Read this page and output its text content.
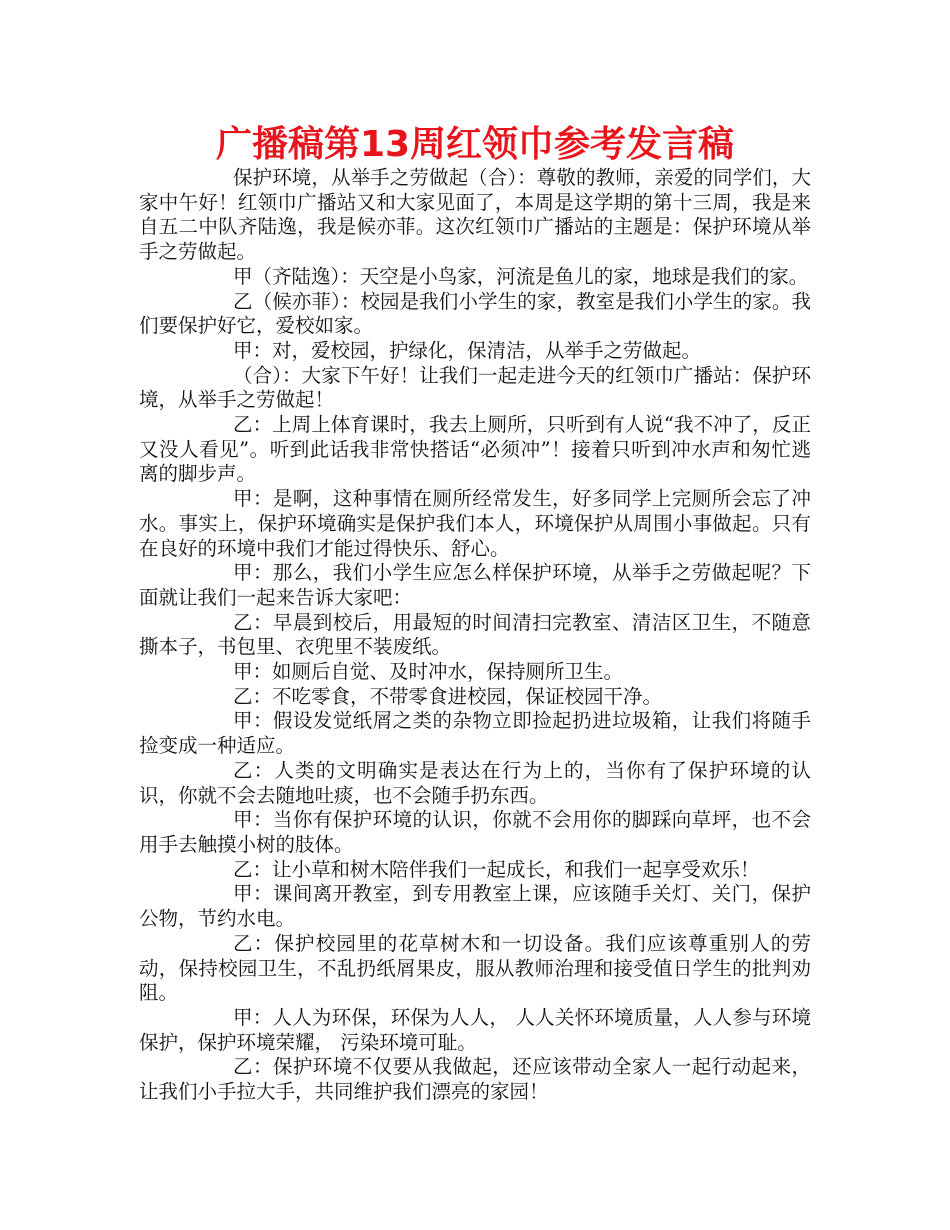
广播稿第13周红领巾参考发言稿

保护环境，从举手之劳做起（合）：尊敬的教师，亲爱的同学们，大家中午好！红领巾广播站又和大家见面了，本周是这学期的第十三周，我是来自五二中队齐陆逸，我是候亦菲。这次红领巾广播站的主题是：保护环境从举手之劳做起。

甲（齐陆逸）：天空是小鸟家，河流是鱼儿的家，地球是我们的家。

乙（候亦菲）：校园是我们小学生的家，教室是我们小学生的家。我们要保护好它，爱校如家。

甲：对，爱校园，护绿化，保清洁，从举手之劳做起。

（合）：大家下午好！让我们一起走进今天的红领巾广播站：保护环境，从举手之劳做起！

乙：上周上体育课时，我去上厕所，只听到有人说“我不冲了，反正又没人看见”。听到此话我非常快搭话“必须冲”！接着只听到冲水声和匆忙逃离的脚步声。

甲：是啊，这种事情在厕所经常发生，好多同学上完厕所会忘了冲水。事实上，保护环境确实是保护我们本人，环境保护从周围小事做起。只有在良好的环境中我们才能过得快乐、舒心。

甲：那么，我们小学生应怎么样保护环境，从举手之劳做起呢？下面就让我们一起来告诉大家吧：

乙：早晨到校后，用最短的时间清扫完教室、清洁区卫生，不随意撕本子，书包里、衣兜里不装废纸。

甲：如厕后自觉、及时冲水，保持厕所卫生。

乙：不吃零食，不带零食进校园，保证校园干净。

甲：假设发觉纸屑之类的杂物立即捡起扔进垃圾箱，让我们将随手捡变成一种适应。

乙：人类的文明确实是表达在行为上的，当你有了保护环境的认识，你就不会去随地吐痰，也不会随手扔东西。

甲：当你有保护环境的认识，你就不会用你的脚踩向草坪，也不会用手去触摸小树的肢体。

乙：让小草和树木陪伴我们一起成长，和我们一起享受欢乐！

甲：课间离开教室，到专用教室上课，应该随手关灯、关门，保护公物，节约水电。

乙：保护校园里的花草树木和一切设备。我们应该尊重别人的劳动，保持校园卫生，不乱扔纸屑果皮，服从教师治理和接受值日学生的批判劝阻。

甲：人人为环保，环保为人人， 人人关怀环境质量，人人参与环境保护，保护环境荣耀， 污染环境可耻。

乙：保护环境不仅要从我做起，还应该带动全家人一起行动起来，让我们小手拉大手，共同维护我们漂亮的家园！
